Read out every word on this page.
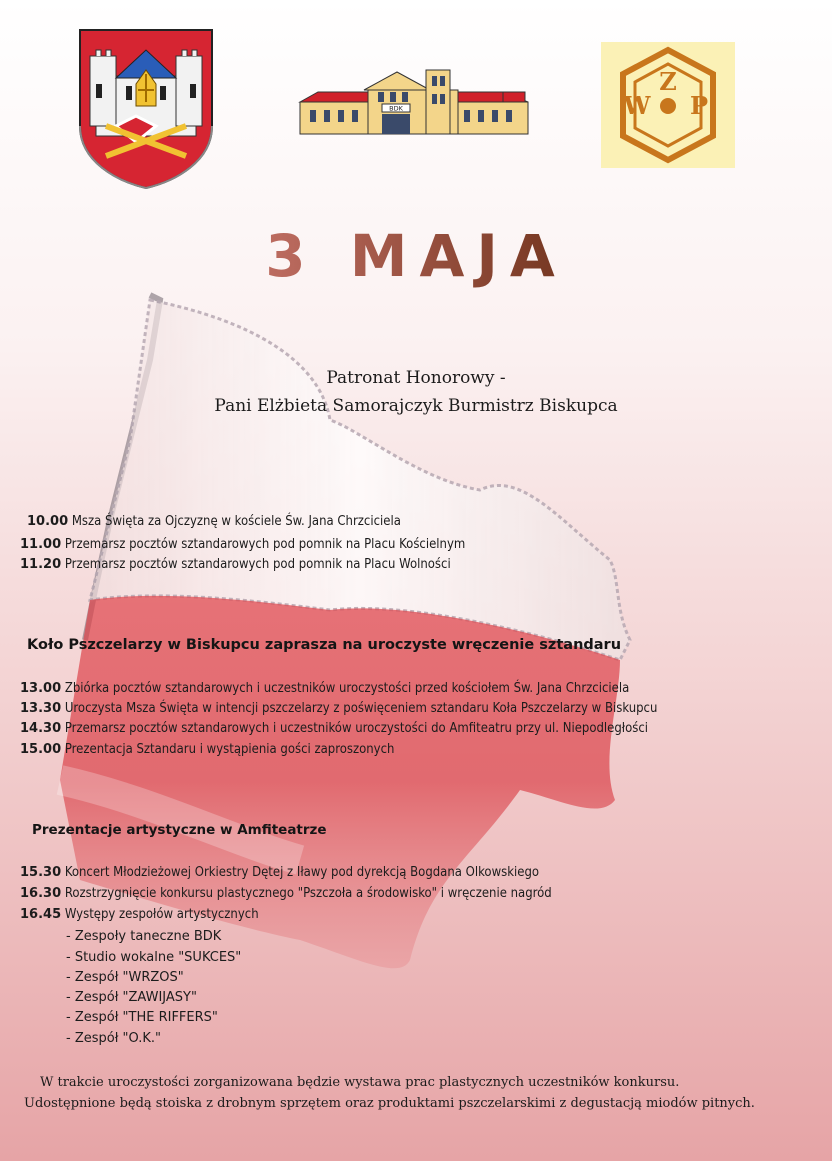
BDK	W
Z
P
3 MAJA
Patronat Honorowy -
Pani Elżbieta Samorajczyk Burmistrz Biskupca
10.00 Msza Święta za Ojczyznę w kościele Św. Jana Chrzciciela
11.00 Przemarsz pocztów sztandarowych pod pomnik na Placu Kościelnym
11.20 Przemarsz pocztów sztandarowych pod pomnik na Placu Wolności
Koło Pszczelarzy w Biskupcu zaprasza na uroczyste wręczenie sztandaru
13.00 Zbiórka pocztów sztandarowych i uczestników uroczystości przed kościołem Św. Jana Chrzciciela
13.30 Uroczysta Msza Święta w intencji pszczelarzy z poświęceniem sztandaru Koła Pszczelarzy w Biskupcu
14.30 Przemarsz pocztów sztandarowych i uczestników uroczystości do Amfiteatru przy ul. Niepodległości
15.00 Prezentacja Sztandaru i wystąpienia gości zaproszonych
Prezentacje artystyczne w Amfiteatrze
15.30 Koncert Młodzieżowej Orkiestry Dętej z Iławy pod dyrekcją Bogdana Olkowskiego
16.30 Rozstrzygnięcie konkursu plastycznego "Pszczoła a środowisko" i wręczenie nagród
16.45 Występy zespołów artystycznych
- Zespoły taneczne BDK
- Studio wokalne "SUKCES"
- Zespół "WRZOS"
- Zespół "ZAWIJASY"
- Zespół "THE RIFFERS"
- Zespół "O.K."
W trakcie uroczystości zorganizowana będzie wystawa prac plastycznych uczestników konkursu.
Udostępnione będą stoiska z drobnym sprzętem oraz produktami pszczelarskimi z degustacją miodów pitnych.
